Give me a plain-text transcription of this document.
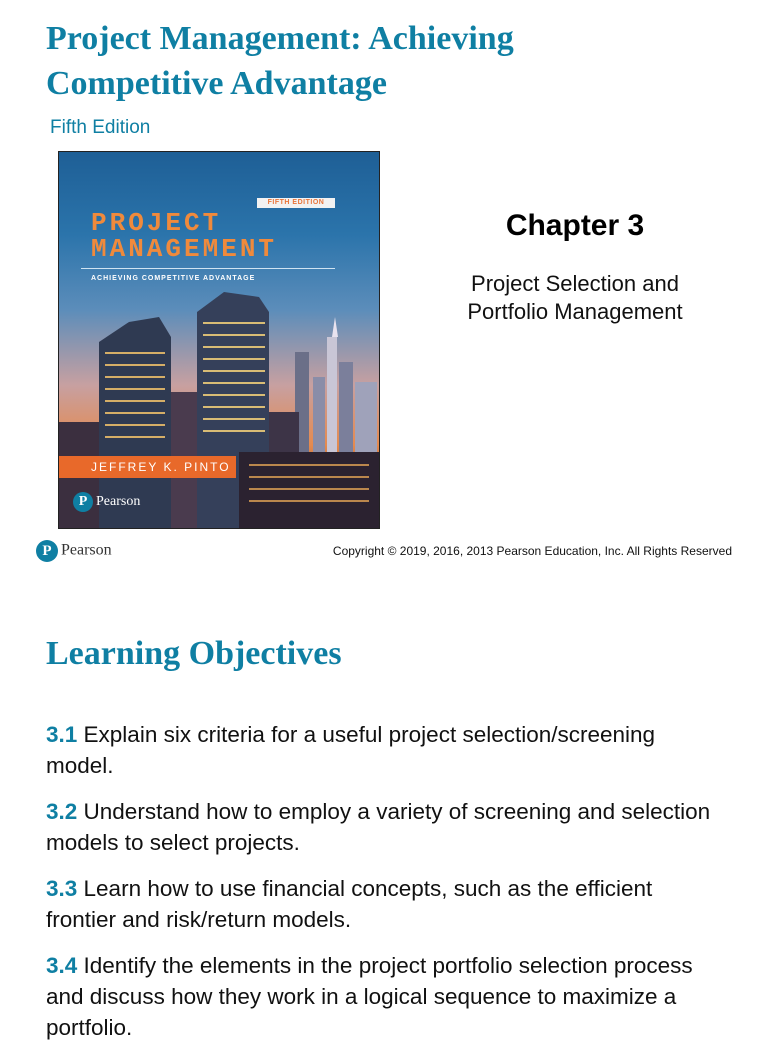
Project Management: Achieving
Competitive Advantage
Fifth Edition
FIFTH EDITION
PROJECT
MANAGEMENT
ACHIEVING COMPETITIVE ADVANTAGE
JEFFREY K. PINTO
P Pearson
Chapter 3
Project Selection and
Portfolio Management
P Pearson	Copyright © 2019, 2016, 2013 Pearson Education, Inc. All Rights Reserved
Learning Objectives
3.1 Explain six criteria for a useful project selection/screening model.
3.2 Understand how to employ a variety of screening and selection models to select projects.
3.3 Learn how to use financial concepts, such as the efficient frontier and risk/return models.
3.4 Identify the elements in the project portfolio selection process and discuss how they work in a logical sequence to maximize a portfolio.
